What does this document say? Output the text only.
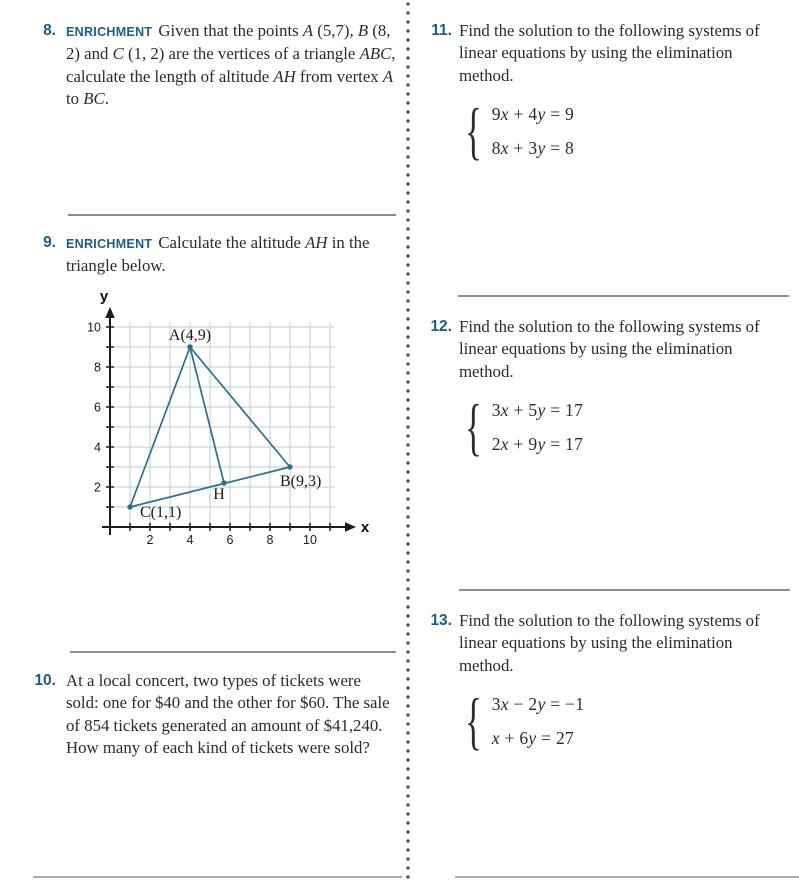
8. ENRICHMENT Given that the points A (5,7), B (8, 2) and C (1, 2) are the vertices of a triangle ABC, calculate the length of altitude AH from vertex A to BC.
9. ENRICHMENT Calculate the altitude AH in the triangle below.
2	4	6	8 10
2
4
6
8
10
x
y
A(4,9)
B(9,3)
C(1,1)
H
10. At a local concert, two types of tickets were sold: one for $40 and the other for $60. The sale of 854 tickets generated an amount of $41,240. How many of each kind of tickets were sold?
11. Find the solution to the following systems of linear equations by using the elimination method.
{ 9x + 4y = 9
8x + 3y = 8
12. Find the solution to the following systems of linear equations by using the elimination method.
{ 3x + 5y = 17
2x + 9y = 17
13. Find the solution to the following systems of linear equations by using the elimination method.
{ 3x − 2y = −1
x + 6y = 27
